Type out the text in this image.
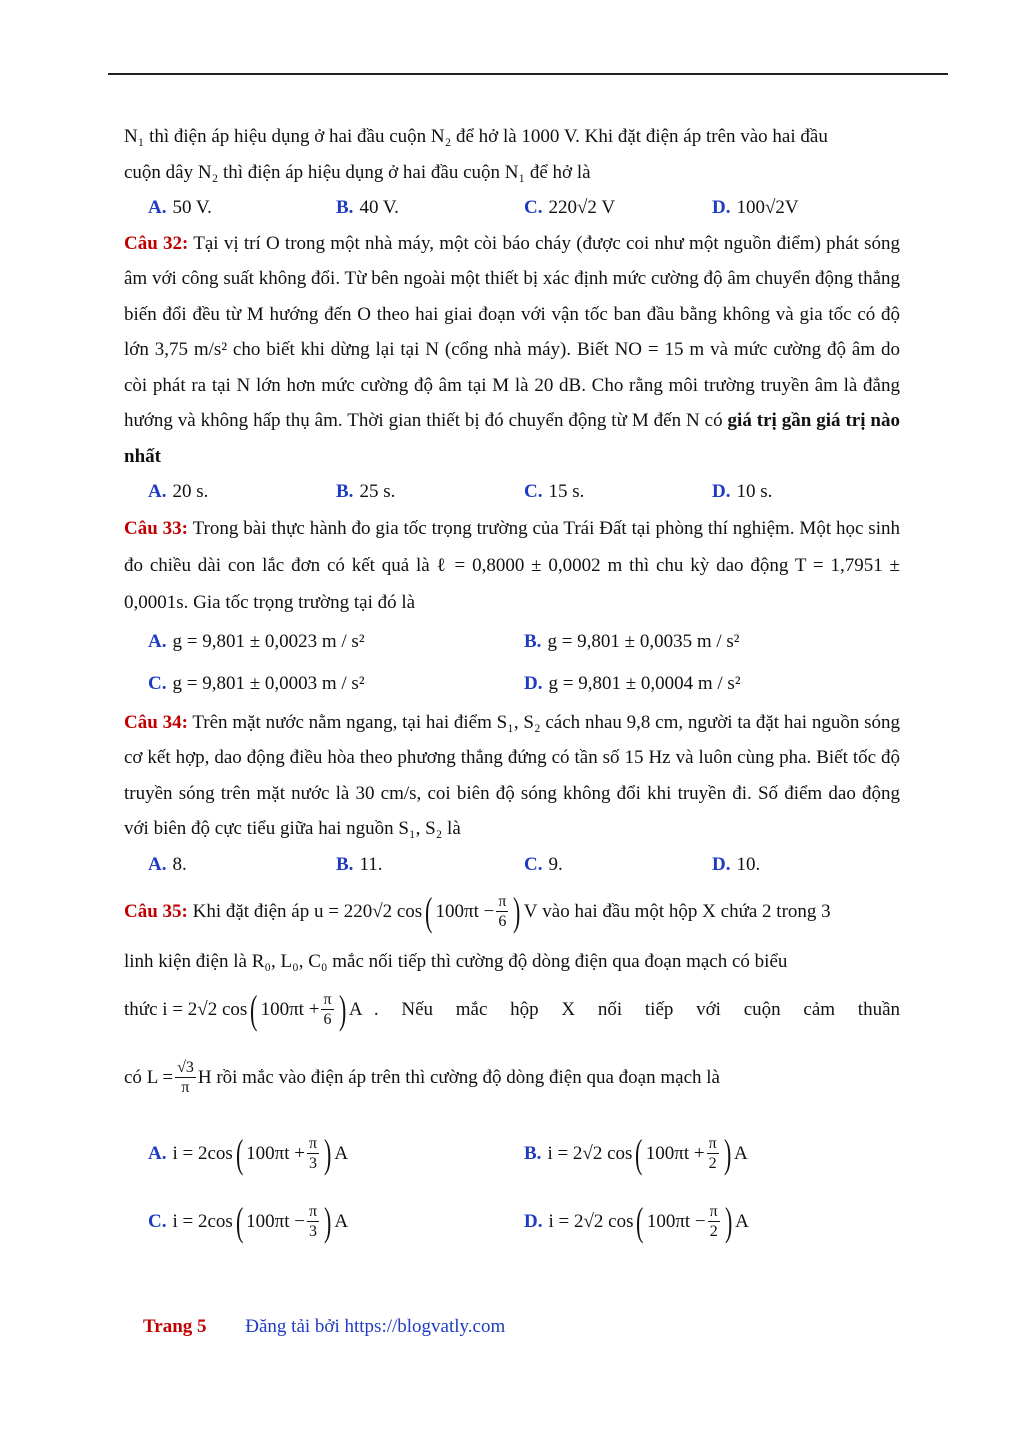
N₁ thì điện áp hiệu dụng ở hai đầu cuộn N₂ để hở là 1000 V. Khi đặt điện áp trên vào hai đầu

cuộn dây N₂ thì điện áp hiệu dụng ở hai đầu cuộn N₁ để hở là

A. 50 V.	B. 40 V.	C. 220√2 V	D. 100√2V

Câu 32: Tại vị trí O trong một nhà máy, một còi báo cháy (được coi như một nguồn điểm) phát sóng âm với công suất không đổi. Từ bên ngoài một thiết bị xác định mức cường độ âm chuyển động thẳng biến đổi đều từ M hướng đến O theo hai giai đoạn với vận tốc ban đầu bằng không và gia tốc có độ lớn 3,75 m/s² cho biết khi dừng lại tại N (cổng nhà máy). Biết NO = 15 m và mức cường độ âm do còi phát ra tại N lớn hơn mức cường độ âm tại M là 20 dB. Cho rằng môi trường truyền âm là đẳng hướng và không hấp thụ âm. Thời gian thiết bị đó chuyển động từ M đến N có giá trị gần giá trị nào nhất

A. 20 s.	B. 25 s.	C. 15 s.	D. 10 s.

Câu 33: Trong bài thực hành đo gia tốc trọng trường của Trái Đất tại phòng thí nghiệm. Một học sinh đo chiều dài con lắc đơn có kết quả là ℓ = 0,8000 ± 0,0002 m thì chu kỳ dao động T = 1,7951 ± 0,0001s. Gia tốc trọng trường tại đó là

A. g = 9,801 ± 0,0023 m / s²	B. g = 9,801 ± 0,0035 m / s²
C. g = 9,801 ± 0,0003 m / s²	D. g = 9,801 ± 0,0004 m / s²

Câu 34: Trên mặt nước nằm ngang, tại hai điểm S₁, S₂ cách nhau 9,8 cm, người ta đặt hai nguồn sóng cơ kết hợp, dao động điều hòa theo phương thẳng đứng có tần số 15 Hz và luôn cùng pha. Biết tốc độ truyền sóng trên mặt nước là 30 cm/s, coi biên độ sóng không đổi khi truyền đi. Số điểm dao động với biên độ cực tiểu giữa hai nguồn S₁, S₂ là

A. 8.	B. 11.	C. 9.	D. 10.
Câu 35:
Khi đặt điện áp
u = 220√2 cos ( $100\pi t - \frac{\pi}{6}$ ) V
vào hai đầu một hộp X chứa 2 trong 3

linh kiện điện là R₀, L₀, C₀ mắc nối tiếp thì cường độ dòng điện qua đoạn mạch có biểu

thức
i = 2√2 cos ( $100\pi t + \frac{\pi}{6}$ ) A . Nếu mắc hộp X nối tiếp với cuộn cảm thuần
có
$L = \frac{√3}{\pi}$ H
rồi mắc vào điện áp trên thì cường độ dòng điện qua đoạn mạch là
A. i = 2cos ( $100\pi t + \frac{\pi}{3}$ ) A	B. i = 2√2 cos ( $100\pi t + \frac{\pi}{2}$ ) A
C. i = 2cos ( $100\pi t - \frac{\pi}{3}$ ) A	D. i = 2√2 cos ( $100\pi t - \frac{\pi}{2}$ ) A
Trang 5 Đăng tải bởi https://blogvatly.com
